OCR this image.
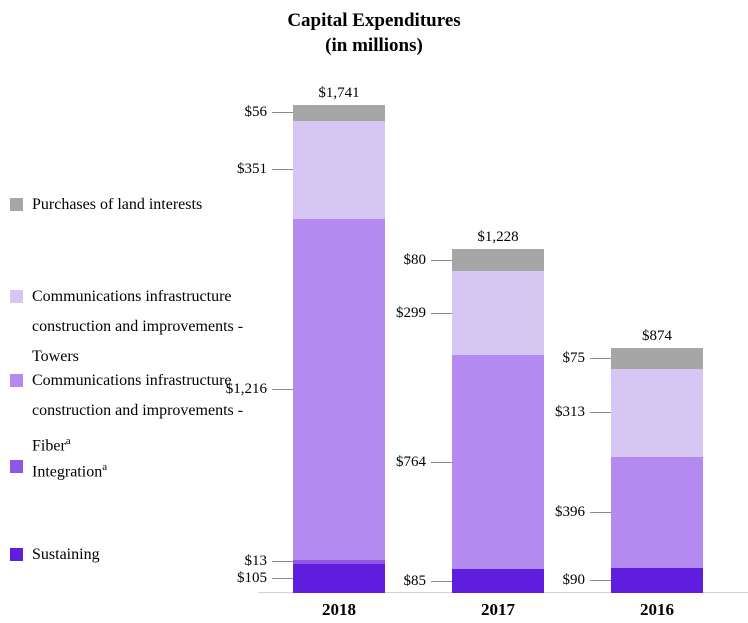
Capital Expenditures
(in millions)
Purchases of land interests
Communications infrastructure
construction and improvements -
Towers
Communications infrastructure
construction and improvements -
Fiber$^a$
Integration$^a$
Sustaining
$56
$351
$1,216
$13
$105
$1,741
2018
$80
$299
$764
$85
$1,228
2017
$75
$313
$396
$90
$874
2016
